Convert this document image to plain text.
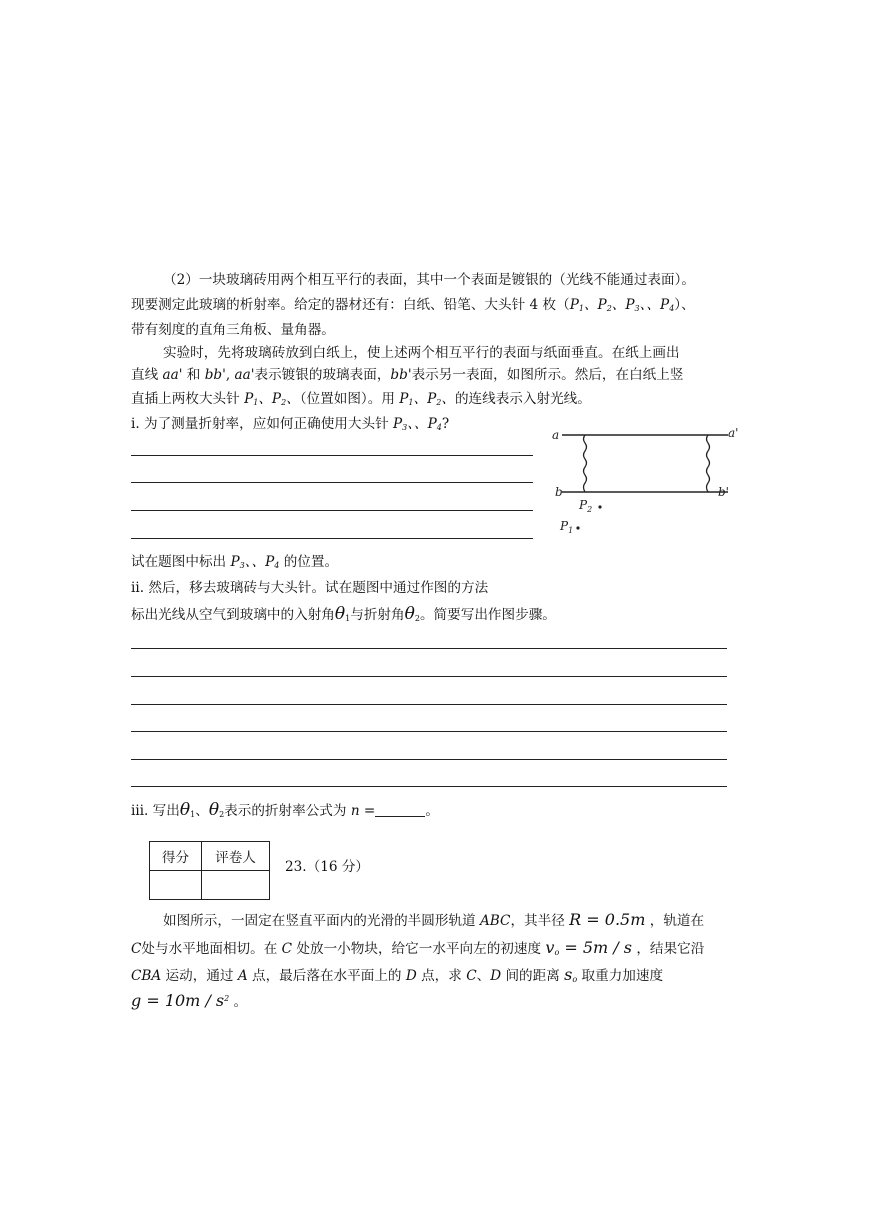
（2）一块玻璃砖用两个相互平行的表面，其中一个表面是镀银的（光线不能通过表面）。
现要测定此玻璃的析射率。给定的器材还有：白纸、铅笔、大头针 4 枚（$P_1$、$P_2$、$P_3$、、$P_4$）、
带有刻度的直角三角板、量角器。
实验时，先将玻璃砖放到白纸上，使上述两个相互平行的表面与纸面垂直。在纸上画出
直线 aa' 和 bb', aa'表示镀银的玻璃表面，bb'表示另一表面，如图所示。然后，在白纸上竖
直插上两枚大头针 $P_1$、$P_2$、（位置如图）。用 $P_1$、$P_2$、的连线表示入射光线。
ⅰ. 为了测量折射率，应如何正确使用大头针 $P_3$、、$P_4$?
试在题图中标出 $P_3$、、$P_4$ 的位置。
a	a'
b	b'
$P_2$
$P_1$
ⅱ. 然后，移去玻璃砖与大头针。试在题图中通过作图的方法
标出光线从空气到玻璃中的入射角$\theta_1$与折射角$\theta_2$。简要写出作图步骤。
ⅲ. 写出$\theta_1$、$\theta_2$表示的折射率公式为 n =	。
得分	评卷人

23.（16 分）
如图所示，一固定在竖直平面内的光滑的半圆形轨道 ABC，其半径 R = 0.5m ，轨道在
C处与水平地面相切。在 C 处放一小物块，给它一水平向左的初速度 $v_o = 5m / s$ ，结果它沿
CBA 运动，通过 A 点，最后落在水平面上的 D 点，求 C、D 间的距离 $s_o$ 取重力加速度
$g = 10m / s^2$ 。
